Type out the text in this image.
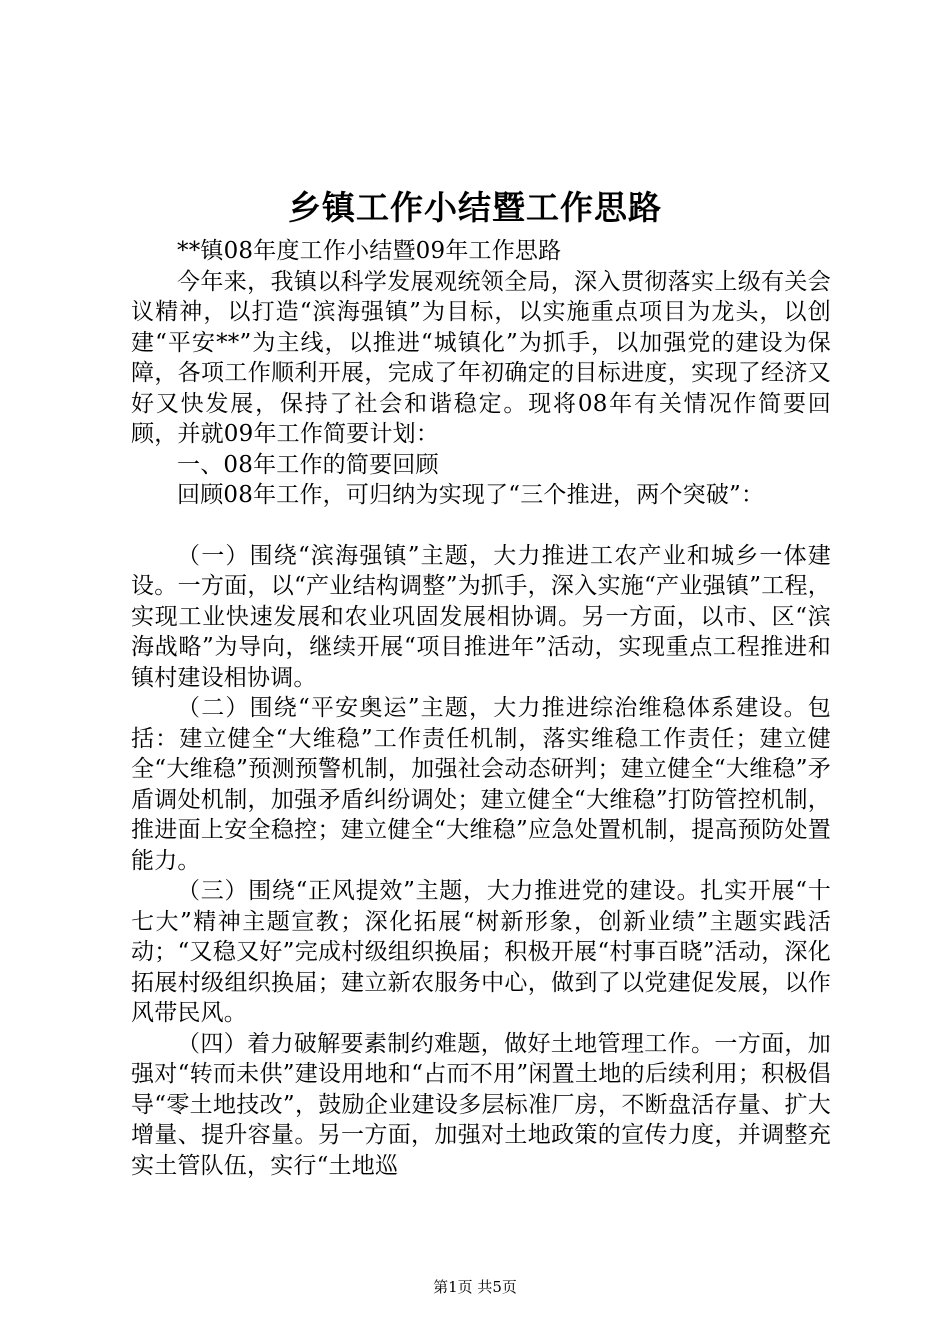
乡镇工作小结暨工作思路

**镇08年度工作小结暨09年工作思路

今年来，我镇以科学发展观统领全局，深入贯彻落实上级有关会议精神，以打造“滨海强镇”为目标，以实施重点项目为龙头，以创建“平安**”为主线，以推进“城镇化”为抓手，以加强党的建设为保障，各项工作顺利开展，完成了年初确定的目标进度，实现了经济又好又快发展，保持了社会和谐稳定。现将08年有关情况作简要回顾，并就09年工作简要计划：

一、08年工作的简要回顾

回顾08年工作，可归纳为实现了“三个推进，两个突破”：

（一）围绕“滨海强镇”主题，大力推进工农产业和城乡一体建设。一方面，以“产业结构调整”为抓手，深入实施“产业强镇”工程，实现工业快速发展和农业巩固发展相协调。另一方面，以市、区“滨海战略”为导向，继续开展“项目推进年”活动，实现重点工程推进和镇村建设相协调。

（二）围绕“平安奥运”主题，大力推进综治维稳体系建设。包括：建立健全“大维稳”工作责任机制，落实维稳工作责任；建立健全“大维稳”预测预警机制，加强社会动态研判；建立健全“大维稳”矛盾调处机制，加强矛盾纠纷调处；建立健全“大维稳”打防管控机制，推进面上安全稳控；建立健全“大维稳”应急处置机制，提高预防处置能力。

（三）围绕“正风提效”主题，大力推进党的建设。扎实开展“十七大”精神主题宣教；深化拓展“树新形象，创新业绩”主题实践活动；“又稳又好”完成村级组织换届；积极开展“村事百晓”活动，深化拓展村级组织换届；建立新农服务中心，做到了以党建促发展，以作风带民风。

（四）着力破解要素制约难题，做好土地管理工作。一方面，加强对“转而未供”建设用地和“占而不用”闲置土地的后续利用；积极倡导“零土地技改”，鼓励企业建设多层标准厂房，不断盘活存量、扩大增量、提升容量。另一方面，加强对土地政策的宣传力度，并调整充实土管队伍，实行“土地巡

第1页 共5页
